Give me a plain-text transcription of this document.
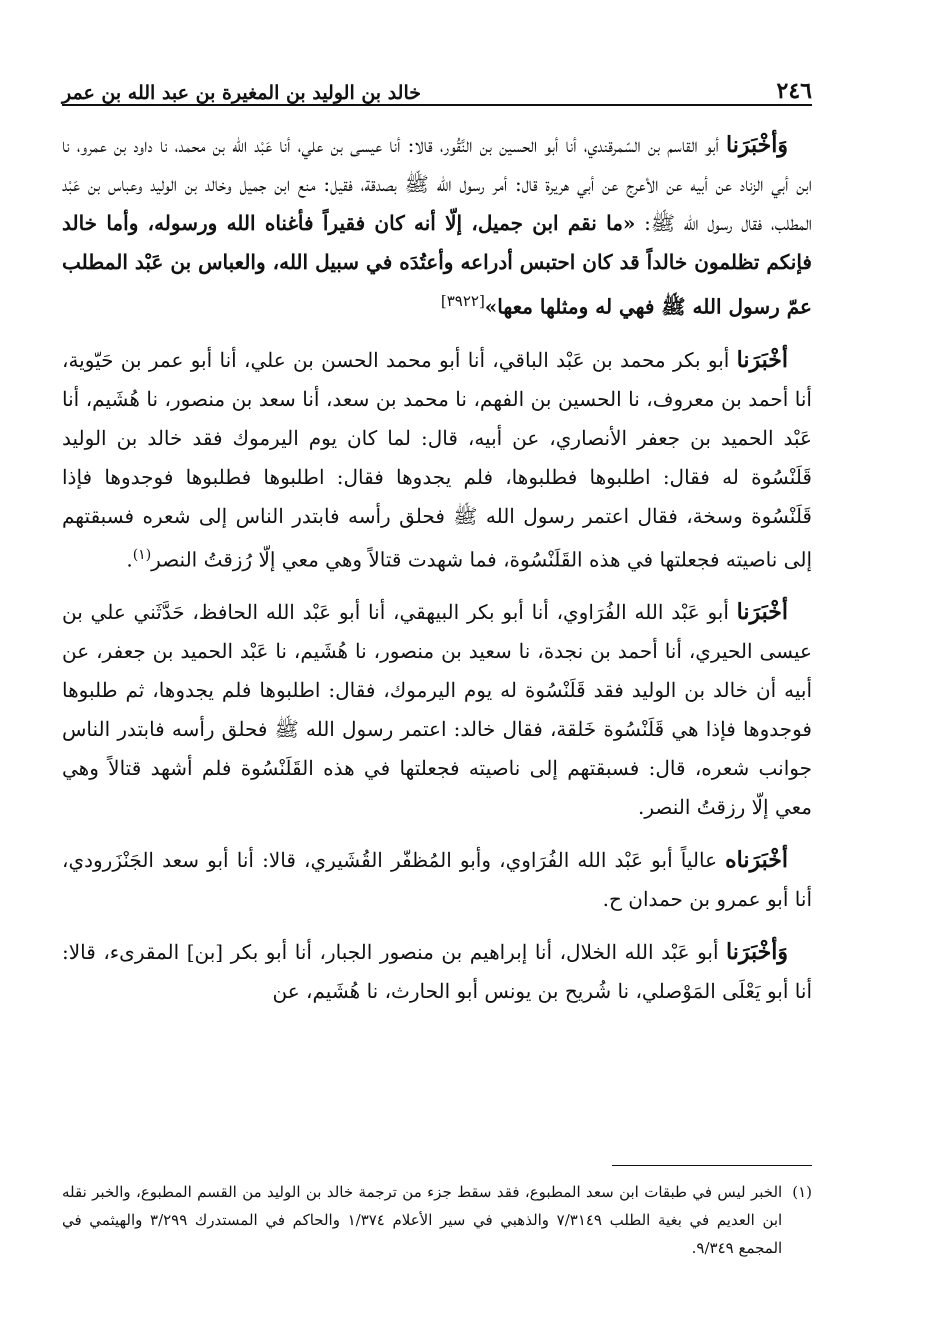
٢٤٦
خالد بن الوليد بن المغيرة بن عبد الله بن عمر

وَأخْبَرَنا أبو القاسم بن السّمرقندي، أنا أبو الحسين بن النَّقُور، قالا: أنا عيسى بن علي، أنا عَبْد الله بن محمد، نا داود بن عمرو، نا ابن أبي الزناد عن أبيه عن الأعرج عن أبي هريرة قال: أمر رسول الله ﷺ بصدقة، فقيل: منع ابن جميل وخالد بن الوليد وعباس بن عَبْد المطلب، فقال رسول الله ﷺ: «ما نقم ابن جميل، إلّا أنه كان فقيراً فأغناه الله ورسوله، وأما خالد فإنكم تظلمون خالداً قد كان احتبس أدراعه وأعتُدَه في سبيل الله، والعباس بن عَبْد المطلب عمّ رسول الله ﷺ فهي له ومثلها معها»[٣٩٢٢]

أخْبَرَنا أبو بكر محمد بن عَبْد الباقي، أنا أبو محمد الحسن بن علي، أنا أبو عمر بن حَيّوية، أنا أحمد بن معروف، نا الحسين بن الفهم، نا محمد بن سعد، أنا سعد بن منصور، نا هُشَيم، أنا عَبْد الحميد بن جعفر الأنصاري، عن أبيه، قال: لما كان يوم اليرموك فقد خالد بن الوليد قَلَنْسُوة له فقال: اطلبوها فطلبوها، فلم يجدوها فقال: اطلبوها فطلبوها فوجدوها فإذا قَلَنْسُوة وسخة، فقال اعتمر رسول الله ﷺ فحلق رأسه فابتدر الناس إلى شعره فسبقتهم إلى ناصيته فجعلتها في هذه القَلَنْسُوة، فما شهدت قتالاً وهي معي إلّا رُزقتُ النصر$^{(١)}$.

أخْبَرَنا أبو عَبْد الله الفُرَاوي، أنا أبو بكر البيهقي، أنا أبو عَبْد الله الحافظ، حَدَّثَني علي بن عيسى الحيري، أنا أحمد بن نجدة، نا سعيد بن منصور، نا هُشَيم، نا عَبْد الحميد بن جعفر، عن أبيه أن خالد بن الوليد فقد قَلَنْسُوة له يوم اليرموك، فقال: اطلبوها فلم يجدوها، ثم طلبوها فوجدوها فإذا هي قَلَنْسُوة خَلقة، فقال خالد: اعتمر رسول الله ﷺ فحلق رأسه فابتدر الناس جوانب شعره، قال: فسبقتهم إلى ناصيته فجعلتها في هذه القَلَنْسُوة فلم أشهد قتالاً وهي معي إلّا رزقتُ النصر.

أخْبَرَناه عالياً أبو عَبْد الله الفُرَاوي، وأبو المُظفّر القُشَيري، قالا: أنا أبو سعد الجَنْزَرودي، أنا أبو عمرو بن حمدان ح.

وَأخْبَرَنا أبو عَبْد الله الخلال، أنا إبراهيم بن منصور الجبار، أنا أبو بكر [بن] المقرىء، قالا: أنا أبو يَعْلَى المَوْصلي، نا شُريح بن يونس أبو الحارث، نا هُشَيم، عن

(١)
الخبر ليس في طبقات ابن سعد المطبوع، فقد سقط جزء من ترجمة خالد بن الوليد من القسم المطبوع، والخبر نقله ابن العديم في بغية الطلب ٧/٣١٤٩ والذهبي في سير الأعلام ١/٣٧٤ والحاكم في المستدرك ٣/٢٩٩ والهيثمي في المجمع ٩/٣٤٩.
